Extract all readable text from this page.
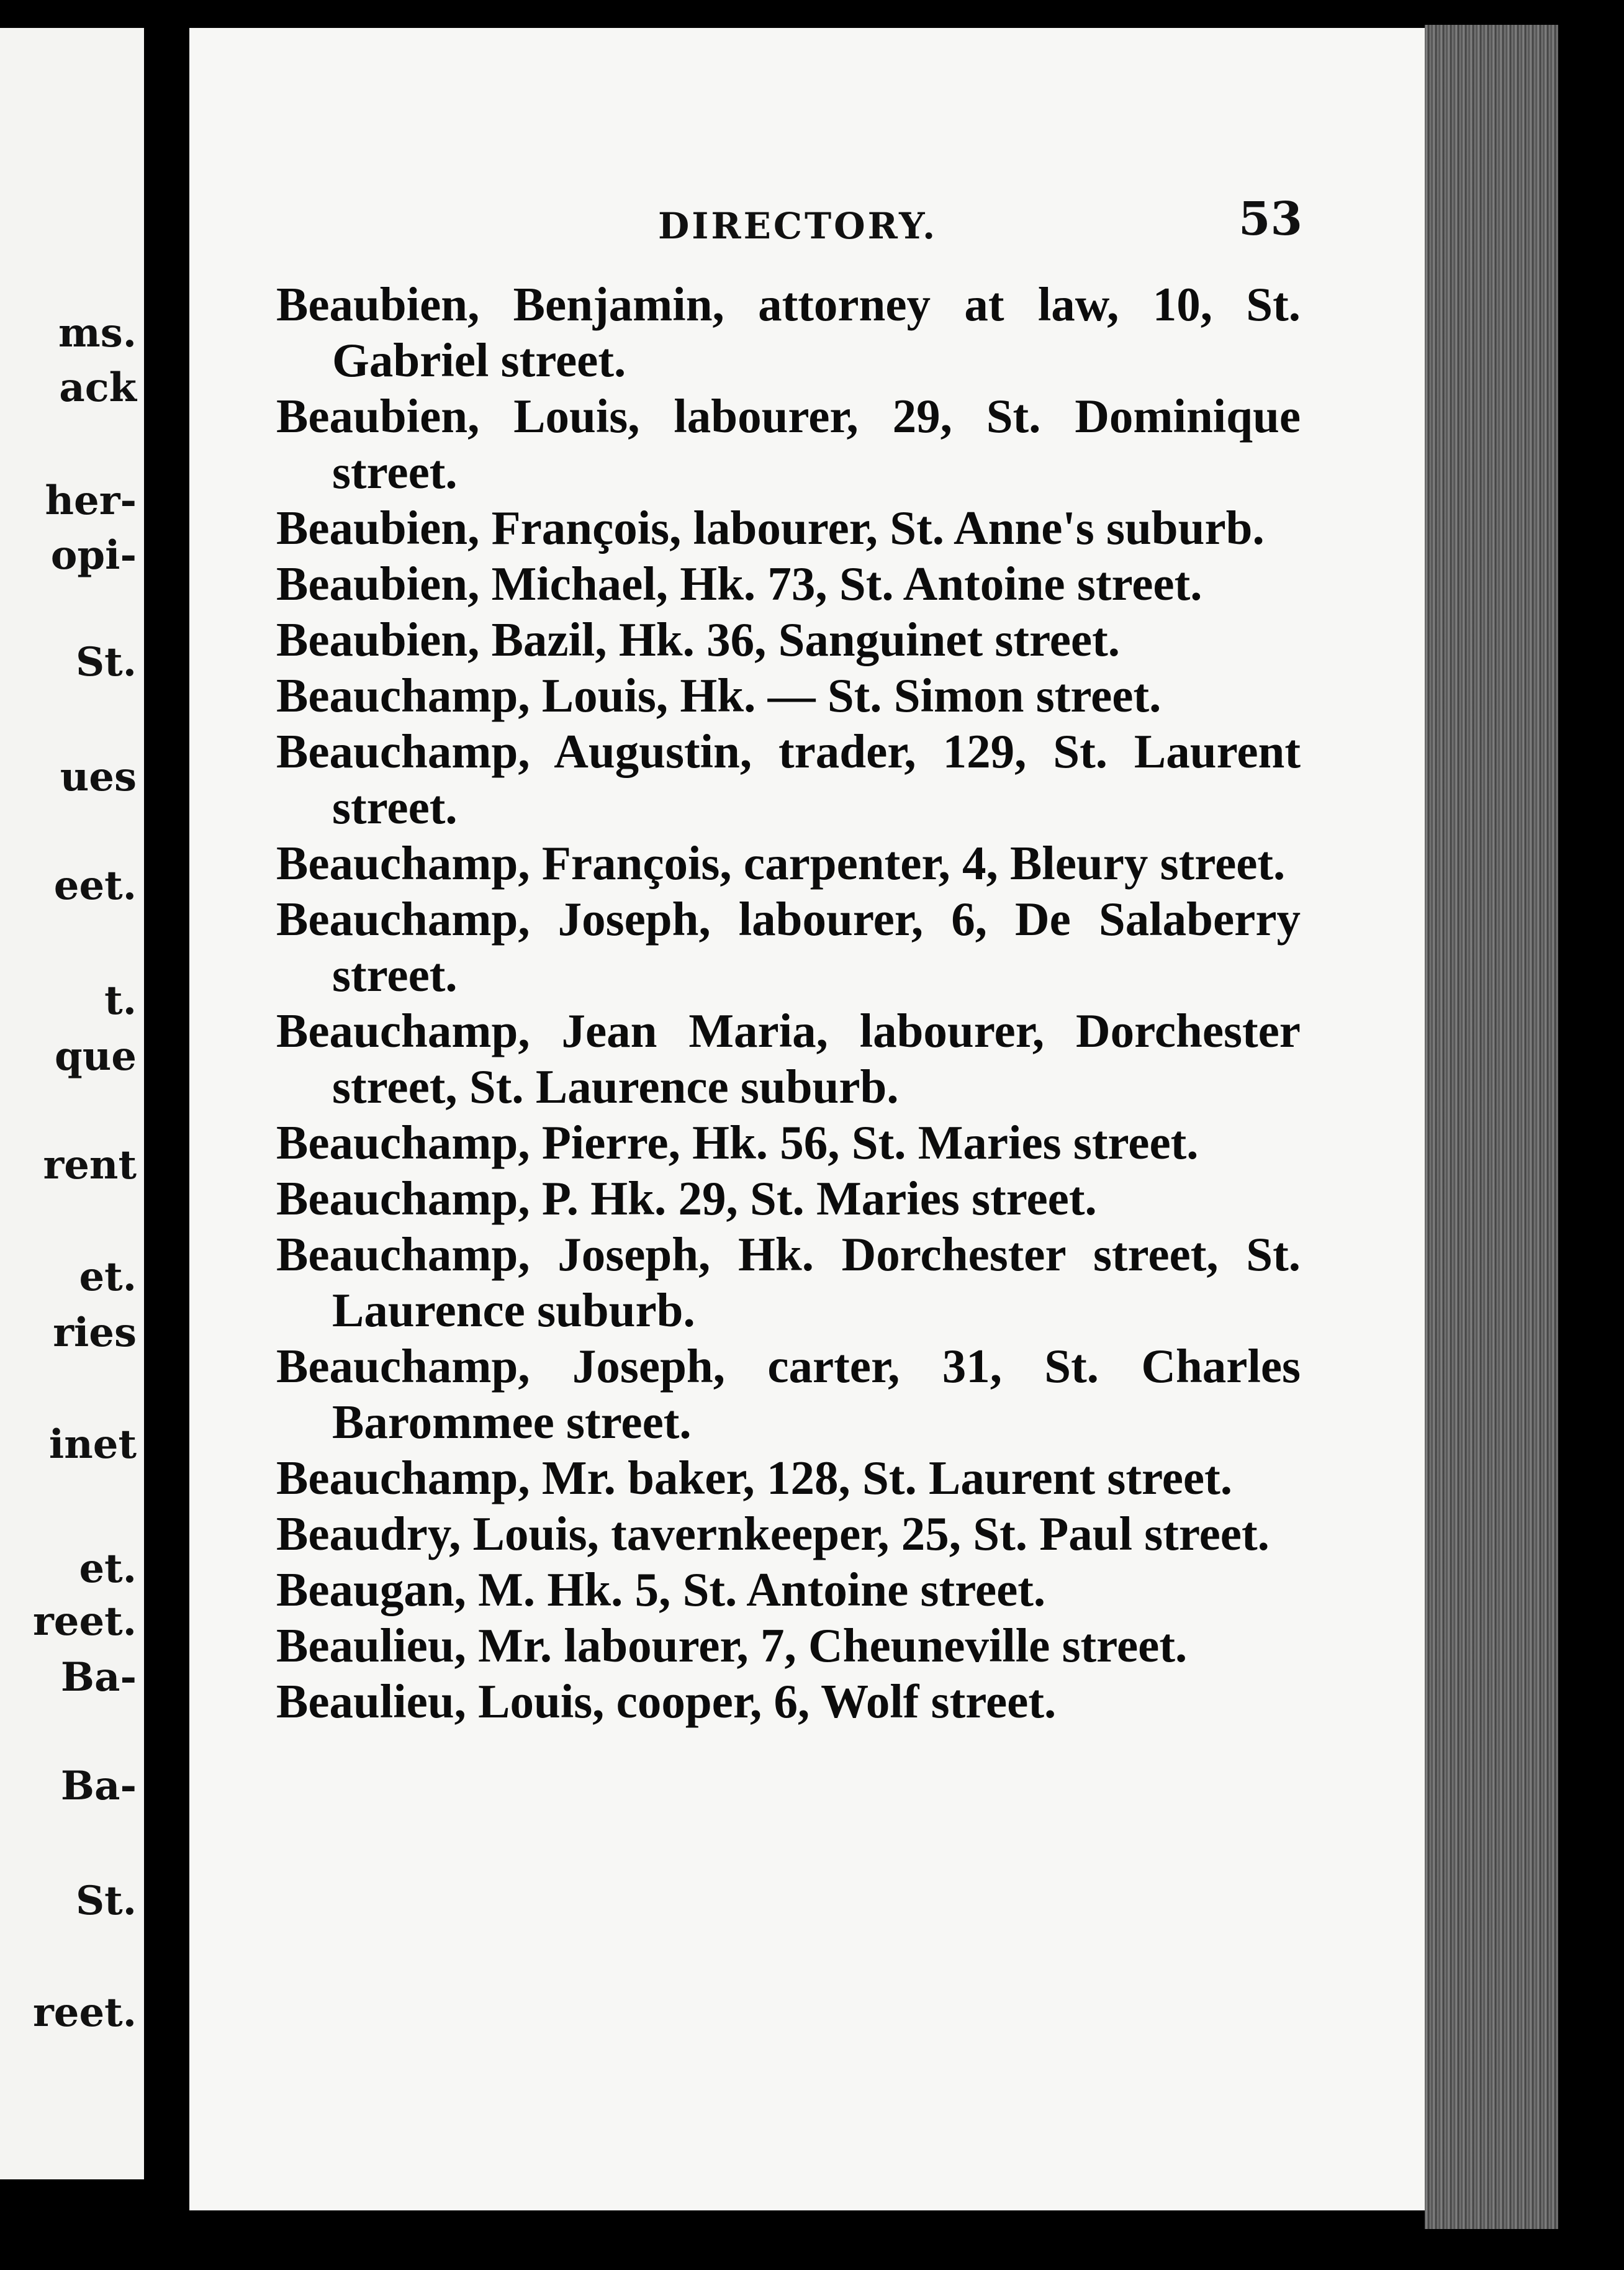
ms.
ack
her-
opi-
St.
ues
eet.
t.
que
rent
et.
ries
inet
et.
reet.
Ba-
Ba-
St.
reet.
DIRECTORY.	53

Beaubien, Benjamin, attorney at law, 10, St. Gabriel street.

Beaubien, Louis, labourer, 29, St. Dominique street.

Beaubien, François, labourer, St. Anne's suburb.

Beaubien, Michael, Hk. 73, St. Antoine street.

Beaubien, Bazil, Hk. 36, Sanguinet street.

Beauchamp, Louis, Hk. — St. Simon street.

Beauchamp, Augustin, trader, 129, St. Laurent street.

Beauchamp, François, carpenter, 4, Bleury street.

Beauchamp, Joseph, labourer, 6, De Salaberry street.

Beauchamp, Jean Maria, labourer, Dorchester street, St. Laurence suburb.

Beauchamp, Pierre, Hk. 56, St. Maries street.

Beauchamp, P. Hk. 29, St. Maries street.

Beauchamp, Joseph, Hk. Dorchester street, St. Laurence suburb.

Beauchamp, Joseph, carter, 31, St. Charles Barommee street.

Beauchamp, Mr. baker, 128, St. Laurent street.

Beaudry, Louis, tavernkeeper, 25, St. Paul street.

Beaugan, M. Hk. 5, St. Antoine street.

Beaulieu, Mr. labourer, 7, Cheuneville street.

Beaulieu, Louis, cooper, 6, Wolf street.
